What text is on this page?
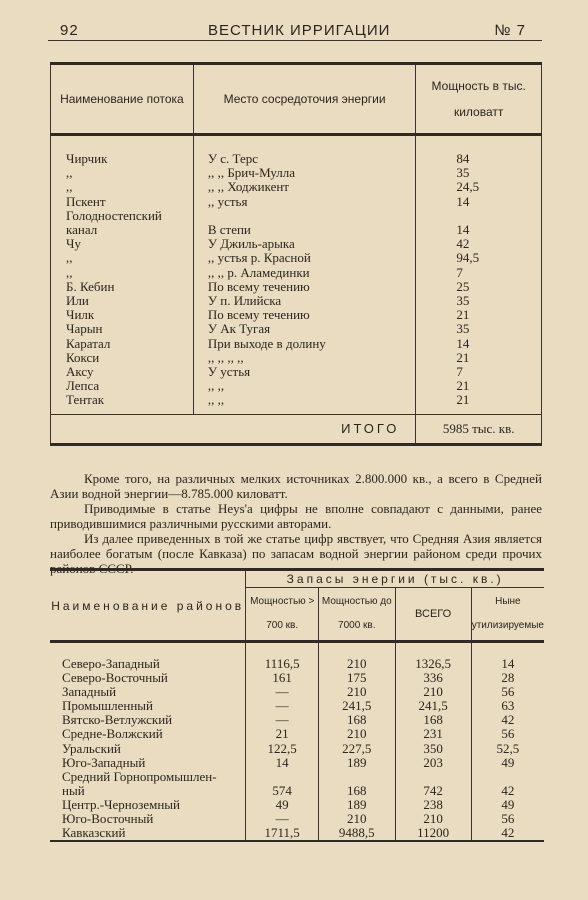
92	ВЕСТНИК ИРРИГАЦИИ	№ 7
Наименование потока	Место сосредоточия энергии	Мощность в тыс. киловатт

Чирчик	У с. Терс	84
,,	,, ,, Брич-Мулла	35
,,	,, ,, Ходжикент	24,5
Пскент	,, устья	14
Голодностепский		
канал	В степи	14
Чу	У Джиль-арыка	42
,,	,, устья р. Красной	94,5
,,	,, ,, р. Аламединки	7
Б. Кебин	По всему течению	25
Или	У п. Илийска	35
Чилк	По всему течению	21
Чарын	У Ак Тугая	35
Каратал	При выходе в долину	14
Кокси	,, ,, ,, ,,	21
Аксу	У устья	7
Лепса	,, ,,	21
Тентак	,, ,,	21

ИТОГО		5985 тыс. кв.

Кроме того, на различных мелких источниках 2.800.000 кв., а всего в Средней Азии водной энергии—8.785.000 киловатт.

Приводимые в статье Heys'a цифры не вполне совпадают с данными, ранее приводившимися различными русскими авторами.

Из далее приведенных в той же статье цифр явствует, что Средняя Азия является наиболее богатым (после Кавказа) по запасам водной энергии районом среди прочих районов СССР.

Наименование районов	Запасы энергии (тыс. кв.)			
	Мощностью > 700 кв.	Мощностью до 7000 кв.	ВСЕГО	Ныне утилизируемые

Северо-Западный	1116,5	210	1326,5	14
Северо-Восточный	161	175	336	28
Западный	—	210	210	56
Промышленный	—	241,5	241,5	63
Вятско-Ветлужский	—	168	168	42
Средне-Волжский	21	210	231	56
Уральский	122,5	227,5	350	52,5
Юго-Западный	14	189	203	49
Средний Горнопромышлен-				
ный	574	168	742	42
Центр.-Черноземный	49	189	238	49
Юго-Восточный	—	210	210	56
Кавказский	1711,5	9488,5	11200	42
